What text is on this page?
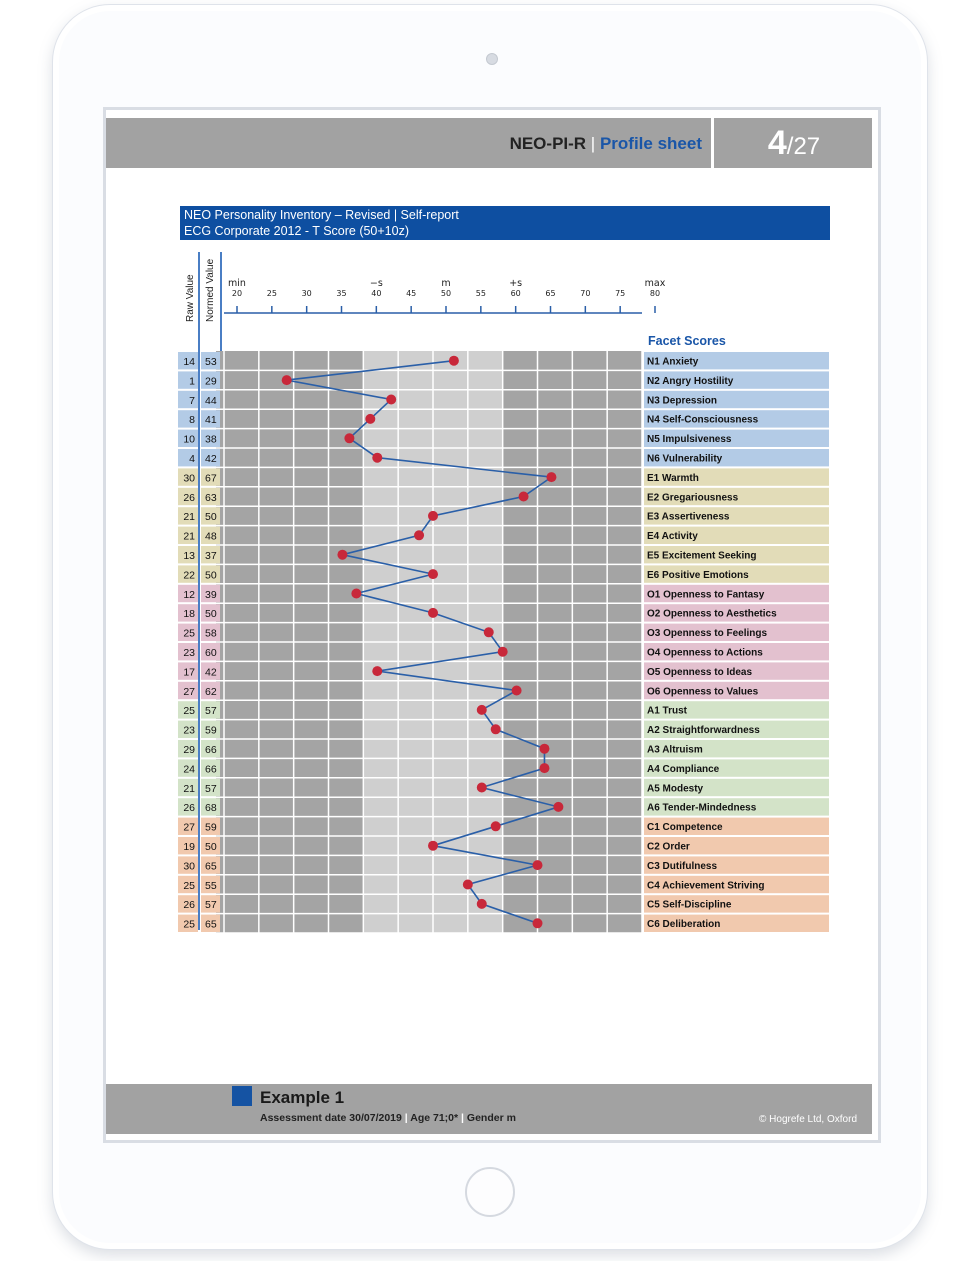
NEO-PI-R | Profile sheet	4/27
NEO Personality Inventory – Revised | Self-report
ECG Corporate 2012 - T Score (50+10z)
Raw Value Normed Value
Facet Scores
14 53	N1 Anxiety
1 29	N2 Angry Hostility
7 44	N3 Depression
8 41	N4 Self-Consciousness
10 38	N5 Impulsiveness
4 42	N6 Vulnerability
30 67	E1 Warmth
26 63	E2 Gregariousness
21 50	E3 Assertiveness
21 48	E4 Activity
13 37	E5 Excitement Seeking
22 50	E6 Positive Emotions
12 39	O1 Openness to Fantasy
18 50	O2 Openness to Aesthetics
25 58	O3 Openness to Feelings
23 60	O4 Openness to Actions
17 42	O5 Openness to Ideas
27 62	O6 Openness to Values
25 57	A1 Trust
23 59	A2 Straightforwardness
29 66	A3 Altruism
24 66	A4 Compliance
21 57	A5 Modesty
26 68	A6 Tender-Mindedness
27 59	C1 Competence
19 50	C2 Order
30 65	C3 Dutifulness
25 55	C4 Achievement Striving
26 57	C5 Self-Discipline
25 65	C6 Deliberation
20	25	30	35	40	45	50	55	60	65	70	75	80
min	−s	m	+s	max
Example 1
Assessment date 30/07/2019 | Age 71;0* | Gender m	© Hogrefe Ltd, Oxford
